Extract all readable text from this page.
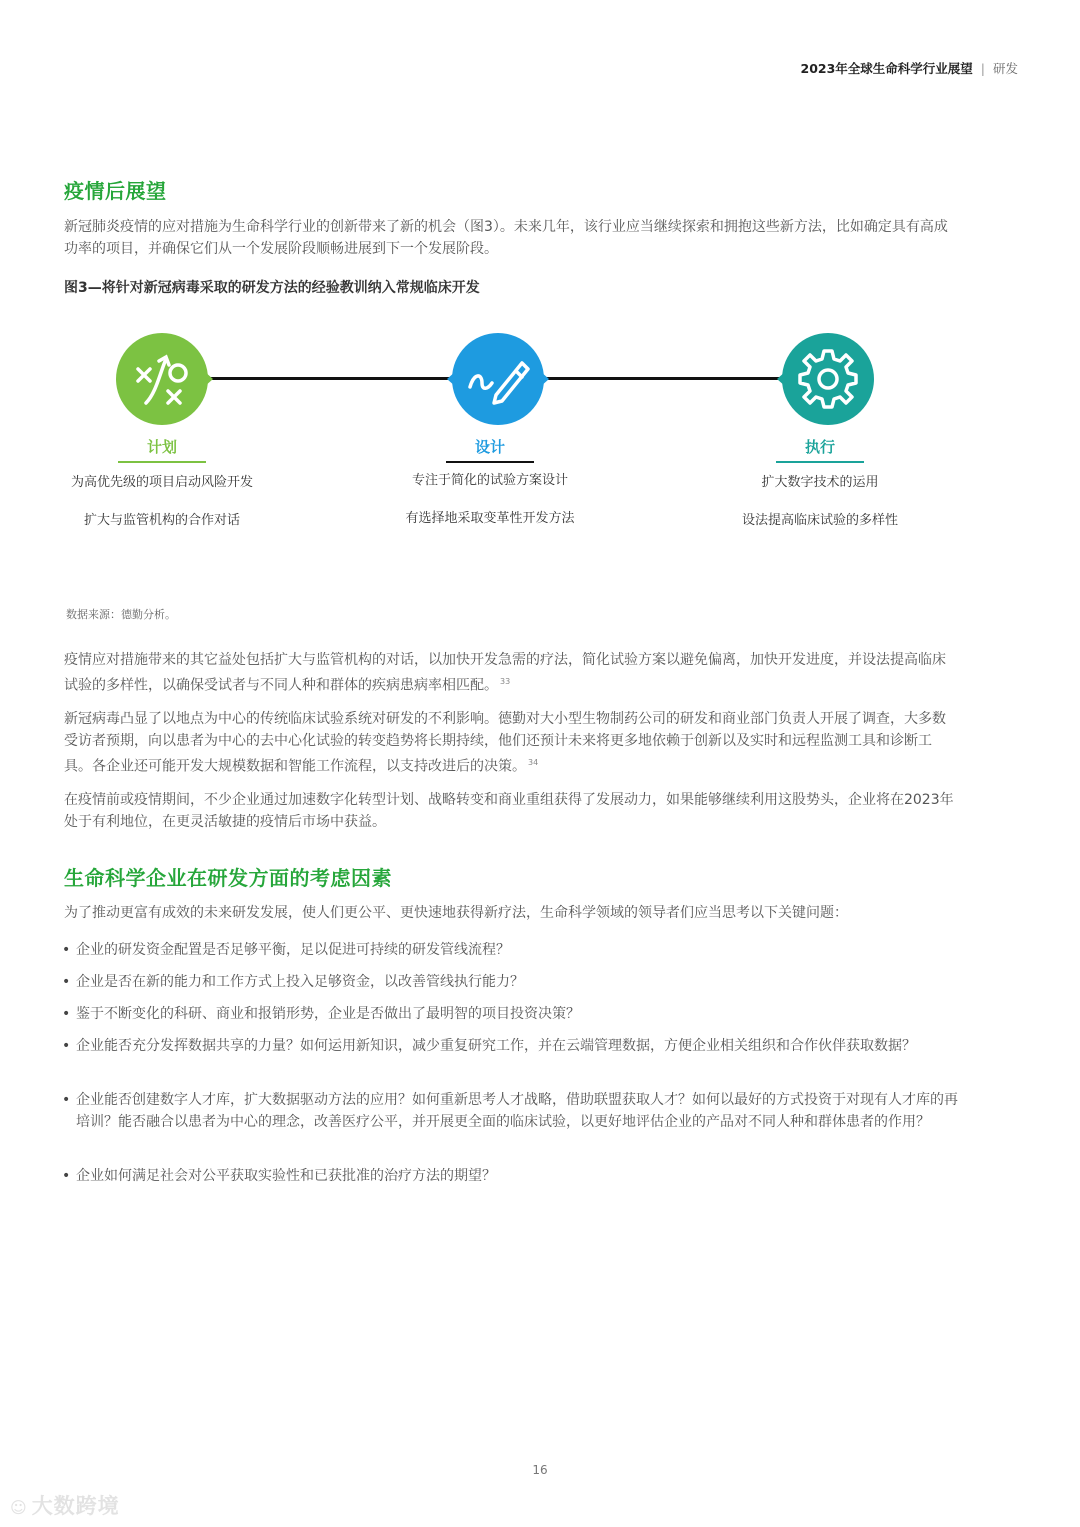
2023年全球生命科学行业展望 | 研发
疫情后展望

新冠肺炎疫情的应对措施为生命科学行业的创新带来了新的机会（图3）。未来几年，该行业应当继续探索和拥抱这些新方法，比如确定具有高成功率的项目，并确保它们从一个发展阶段顺畅进展到下一个发展阶段。

图3—将针对新冠病毒采取的研发方法的经验教训纳入常规临床开发
计划
为高优先级的项目启动风险开发
扩大与监管机构的合作对话
设计
专注于简化的试验方案设计
有选择地采取变革性开发方法
执行
扩大数字技术的运用
设法提高临床试验的多样性
数据来源：德勤分析。

疫情应对措施带来的其它益处包括扩大与监管机构的对话，以加快开发急需的疗法，简化试验方案以避免偏离，加快开发进度，并设法提高临床试验的多样性，以确保受试者与不同人种和群体的疾病患病率相匹配。 $^{33}$

新冠病毒凸显了以地点为中心的传统临床试验系统对研发的不利影响。德勤对大小型生物制药公司的研发和商业部门负责人开展了调查，大多数受访者预期，向以患者为中心的去中心化试验的转变趋势将长期持续，他们还预计未来将更多地依赖于创新以及实时和远程监测工具和诊断工具。各企业还可能开发大规模数据和智能工作流程，以支持改进后的决策。 $^{34}$

在疫情前或疫情期间，不少企业通过加速数字化转型计划、战略转变和商业重组获得了发展动力，如果能够继续利用这股势头，企业将在2023年处于有利地位，在更灵活敏捷的疫情后市场中获益。

生命科学企业在研发方面的考虑因素

为了推动更富有成效的未来研发发展，使人们更公平、更快速地获得新疗法，生命科学领域的领导者们应当思考以下关键问题：

• 企业的研发资金配置是否足够平衡，足以促进可持续的研发管线流程？
• 企业是否在新的能力和工作方式上投入足够资金，以改善管线执行能力？
• 鉴于不断变化的科研、商业和报销形势，企业是否做出了最明智的项目投资决策？
• 企业能否充分发挥数据共享的力量？如何运用新知识，减少重复研究工作，并在云端管理数据，方便企业相关组织和合作伙伴获取数据？
• 企业能否创建数字人才库，扩大数据驱动方法的应用？如何重新思考人才战略，借助联盟获取人才？如何以最好的方式投资于对现有人才库的再培训？能否融合以患者为中心的理念，改善医疗公平，并开展更全面的临床试验，以更好地评估企业的产品对不同人种和群体患者的作用？
• 企业如何满足社会对公平获取实验性和已获批准的治疗方法的期望？
16
☺ 大数跨境
